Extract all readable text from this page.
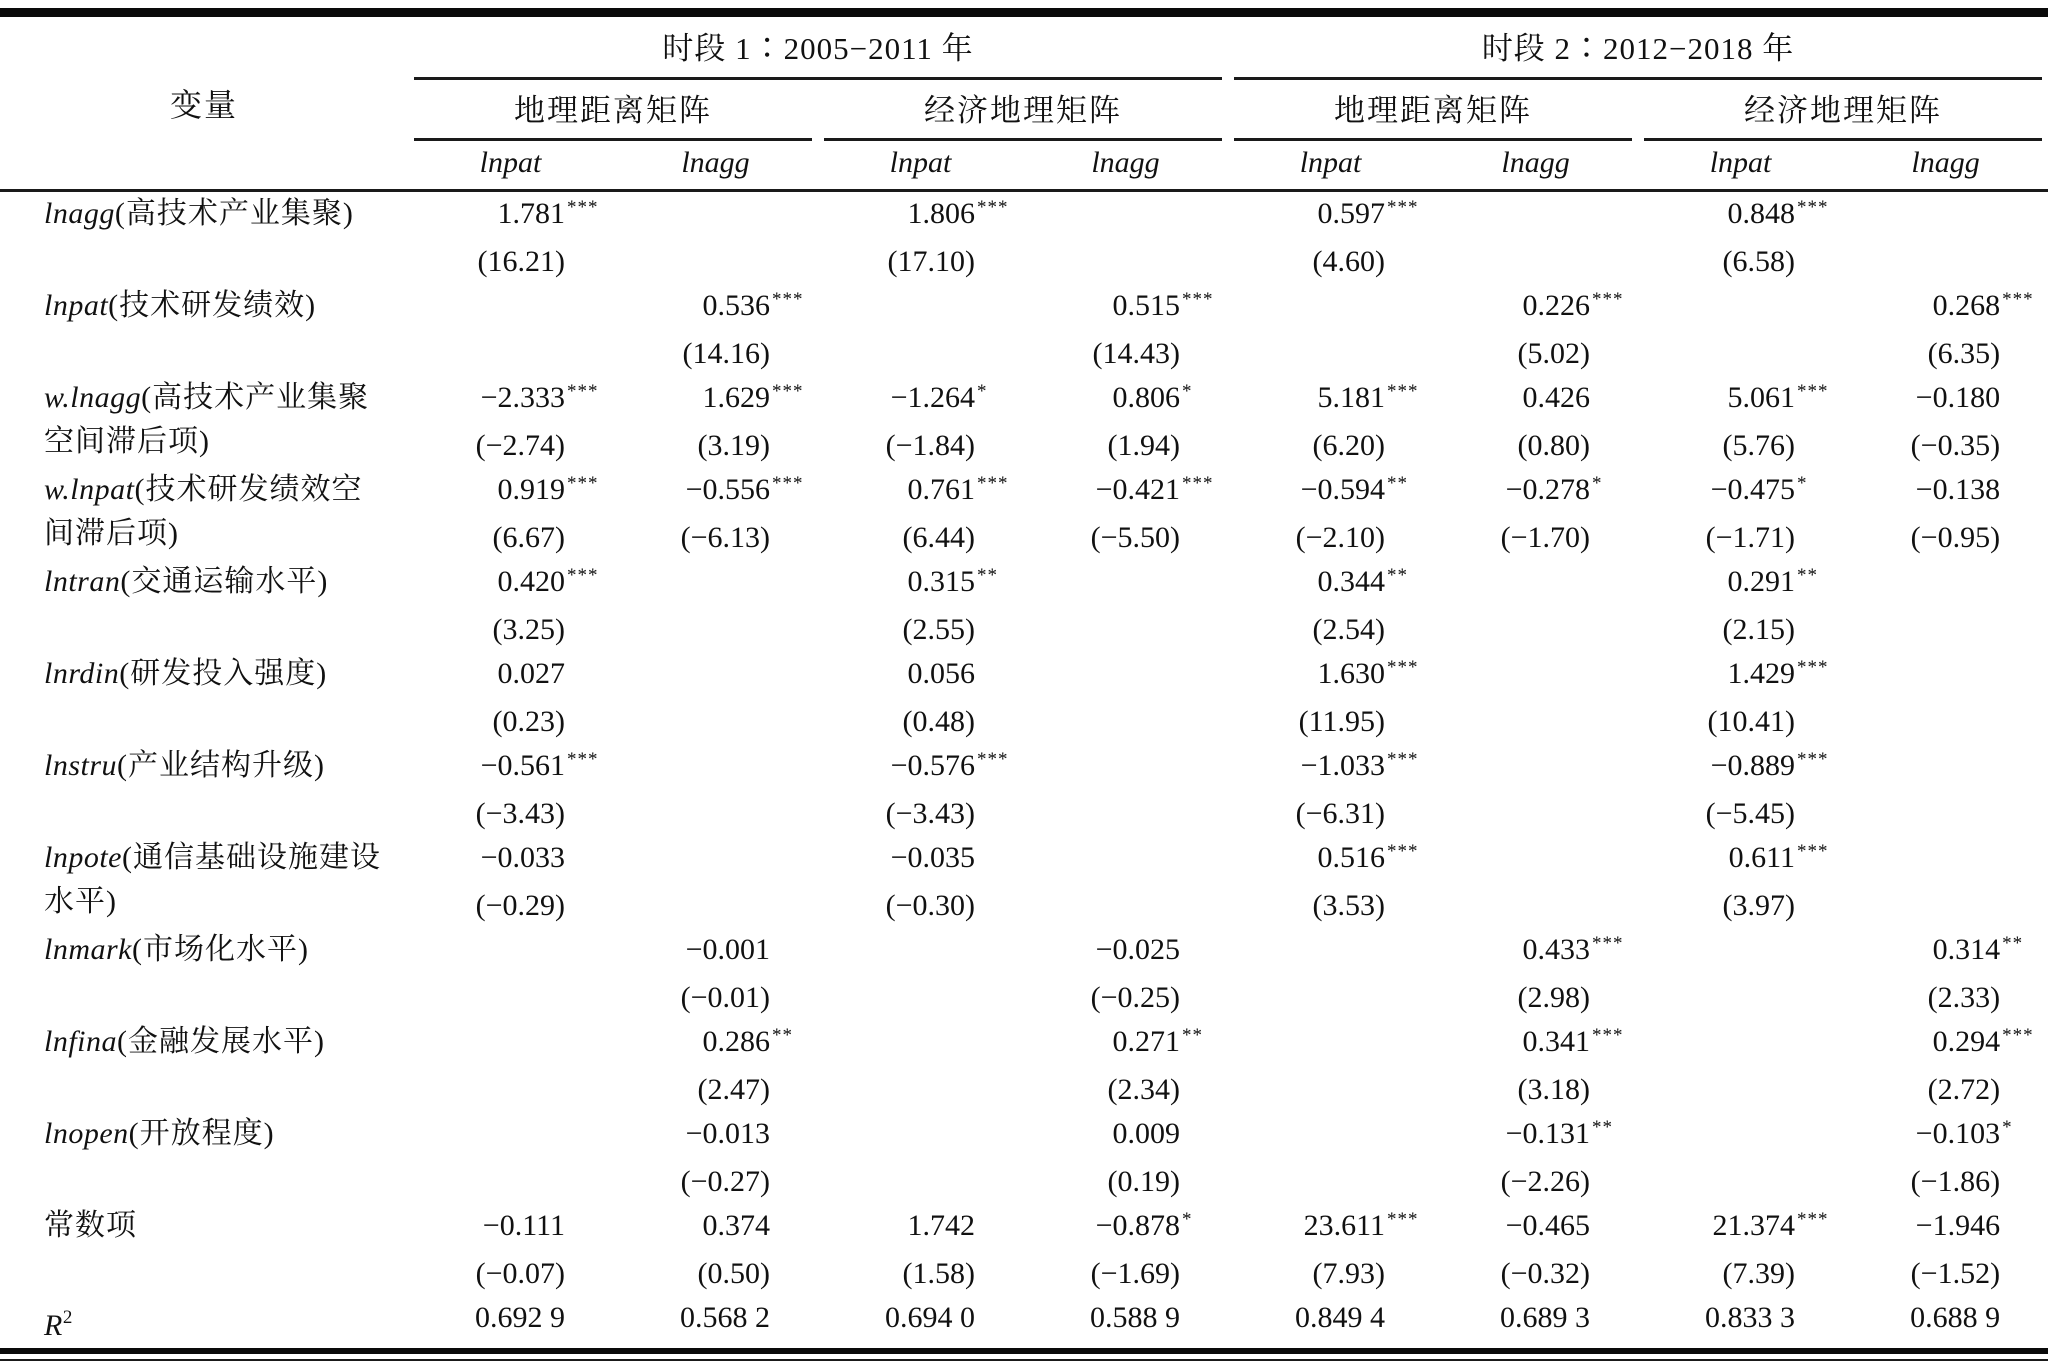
变量	时段 1∶2005−2011 年				时段 2∶2012−2018 年			

	地理距离矩阵		经济地理矩阵		地理距离矩阵		经济地理矩阵	

	lnpat	lnagg	lnpat	lnagg	lnpat	lnagg	lnpat	lnagg
lnagg(高技术产业集聚)	1.781 ***		1.806 ***		0.597 ***		0.848 ***	
	(16.21)		(17.10)		(4.60)		(6.58)	
lnpat(技术研发绩效)		0.536 ***		0.515 ***		0.226 ***		0.268 ***
		(14.16)		(14.43)		(5.02)		(6.35)
w.lnagg(高技术产业集聚空间滞后项)	−2.333 ***	1.629 ***	−1.264 *	0.806 *	5.181 ***	0.426	5.061 ***	−0.180
	(−2.74)	(3.19)	(−1.84)	(1.94)	(6.20)	(0.80)	(5.76)	(−0.35)
w.lnpat(技术研发绩效空间滞后项)	0.919 ***	−0.556 ***	0.761 ***	−0.421 ***	−0.594 **	−0.278 *	−0.475 *	−0.138
	(6.67)	(−6.13)	(6.44)	(−5.50)	(−2.10)	(−1.70)	(−1.71)	(−0.95)
lntran(交通运输水平)	0.420 ***		0.315 **		0.344 **		0.291 **	
	(3.25)		(2.55)		(2.54)		(2.15)	
lnrdin(研发投入强度)	0.027		0.056		1.630 ***		1.429 ***	
	(0.23)		(0.48)		(11.95)		(10.41)	
lnstru(产业结构升级)	−0.561 ***		−0.576 ***		−1.033 ***		−0.889 ***	
	(−3.43)		(−3.43)		(−6.31)		(−5.45)	
lnpote(通信基础设施建设水平)	−0.033		−0.035		0.516 ***		0.611 ***	
	(−0.29)		(−0.30)		(3.53)		(3.97)	
lnmark(市场化水平)		−0.001		−0.025		0.433 ***		0.314 **
		(−0.01)		(−0.25)		(2.98)		(2.33)
lnfina(金融发展水平)		0.286 **		0.271 **		0.341 ***		0.294 ***
		(2.47)		(2.34)		(3.18)		(2.72)
lnopen(开放程度)		−0.013		0.009		−0.131 **		−0.103 *
		(−0.27)		(0.19)		(−2.26)		(−1.86)
常数项	−0.111	0.374	1.742	−0.878 *	23.611 ***	−0.465	21.374 ***	−1.946
	(−0.07)	(0.50)	(1.58)	(−1.69)	(7.93)	(−0.32)	(7.39)	(−1.52)
$R^2$	0.692 9	0.568 2	0.694 0	0.588 9	0.849 4	0.689 3	0.833 3	0.688 9
